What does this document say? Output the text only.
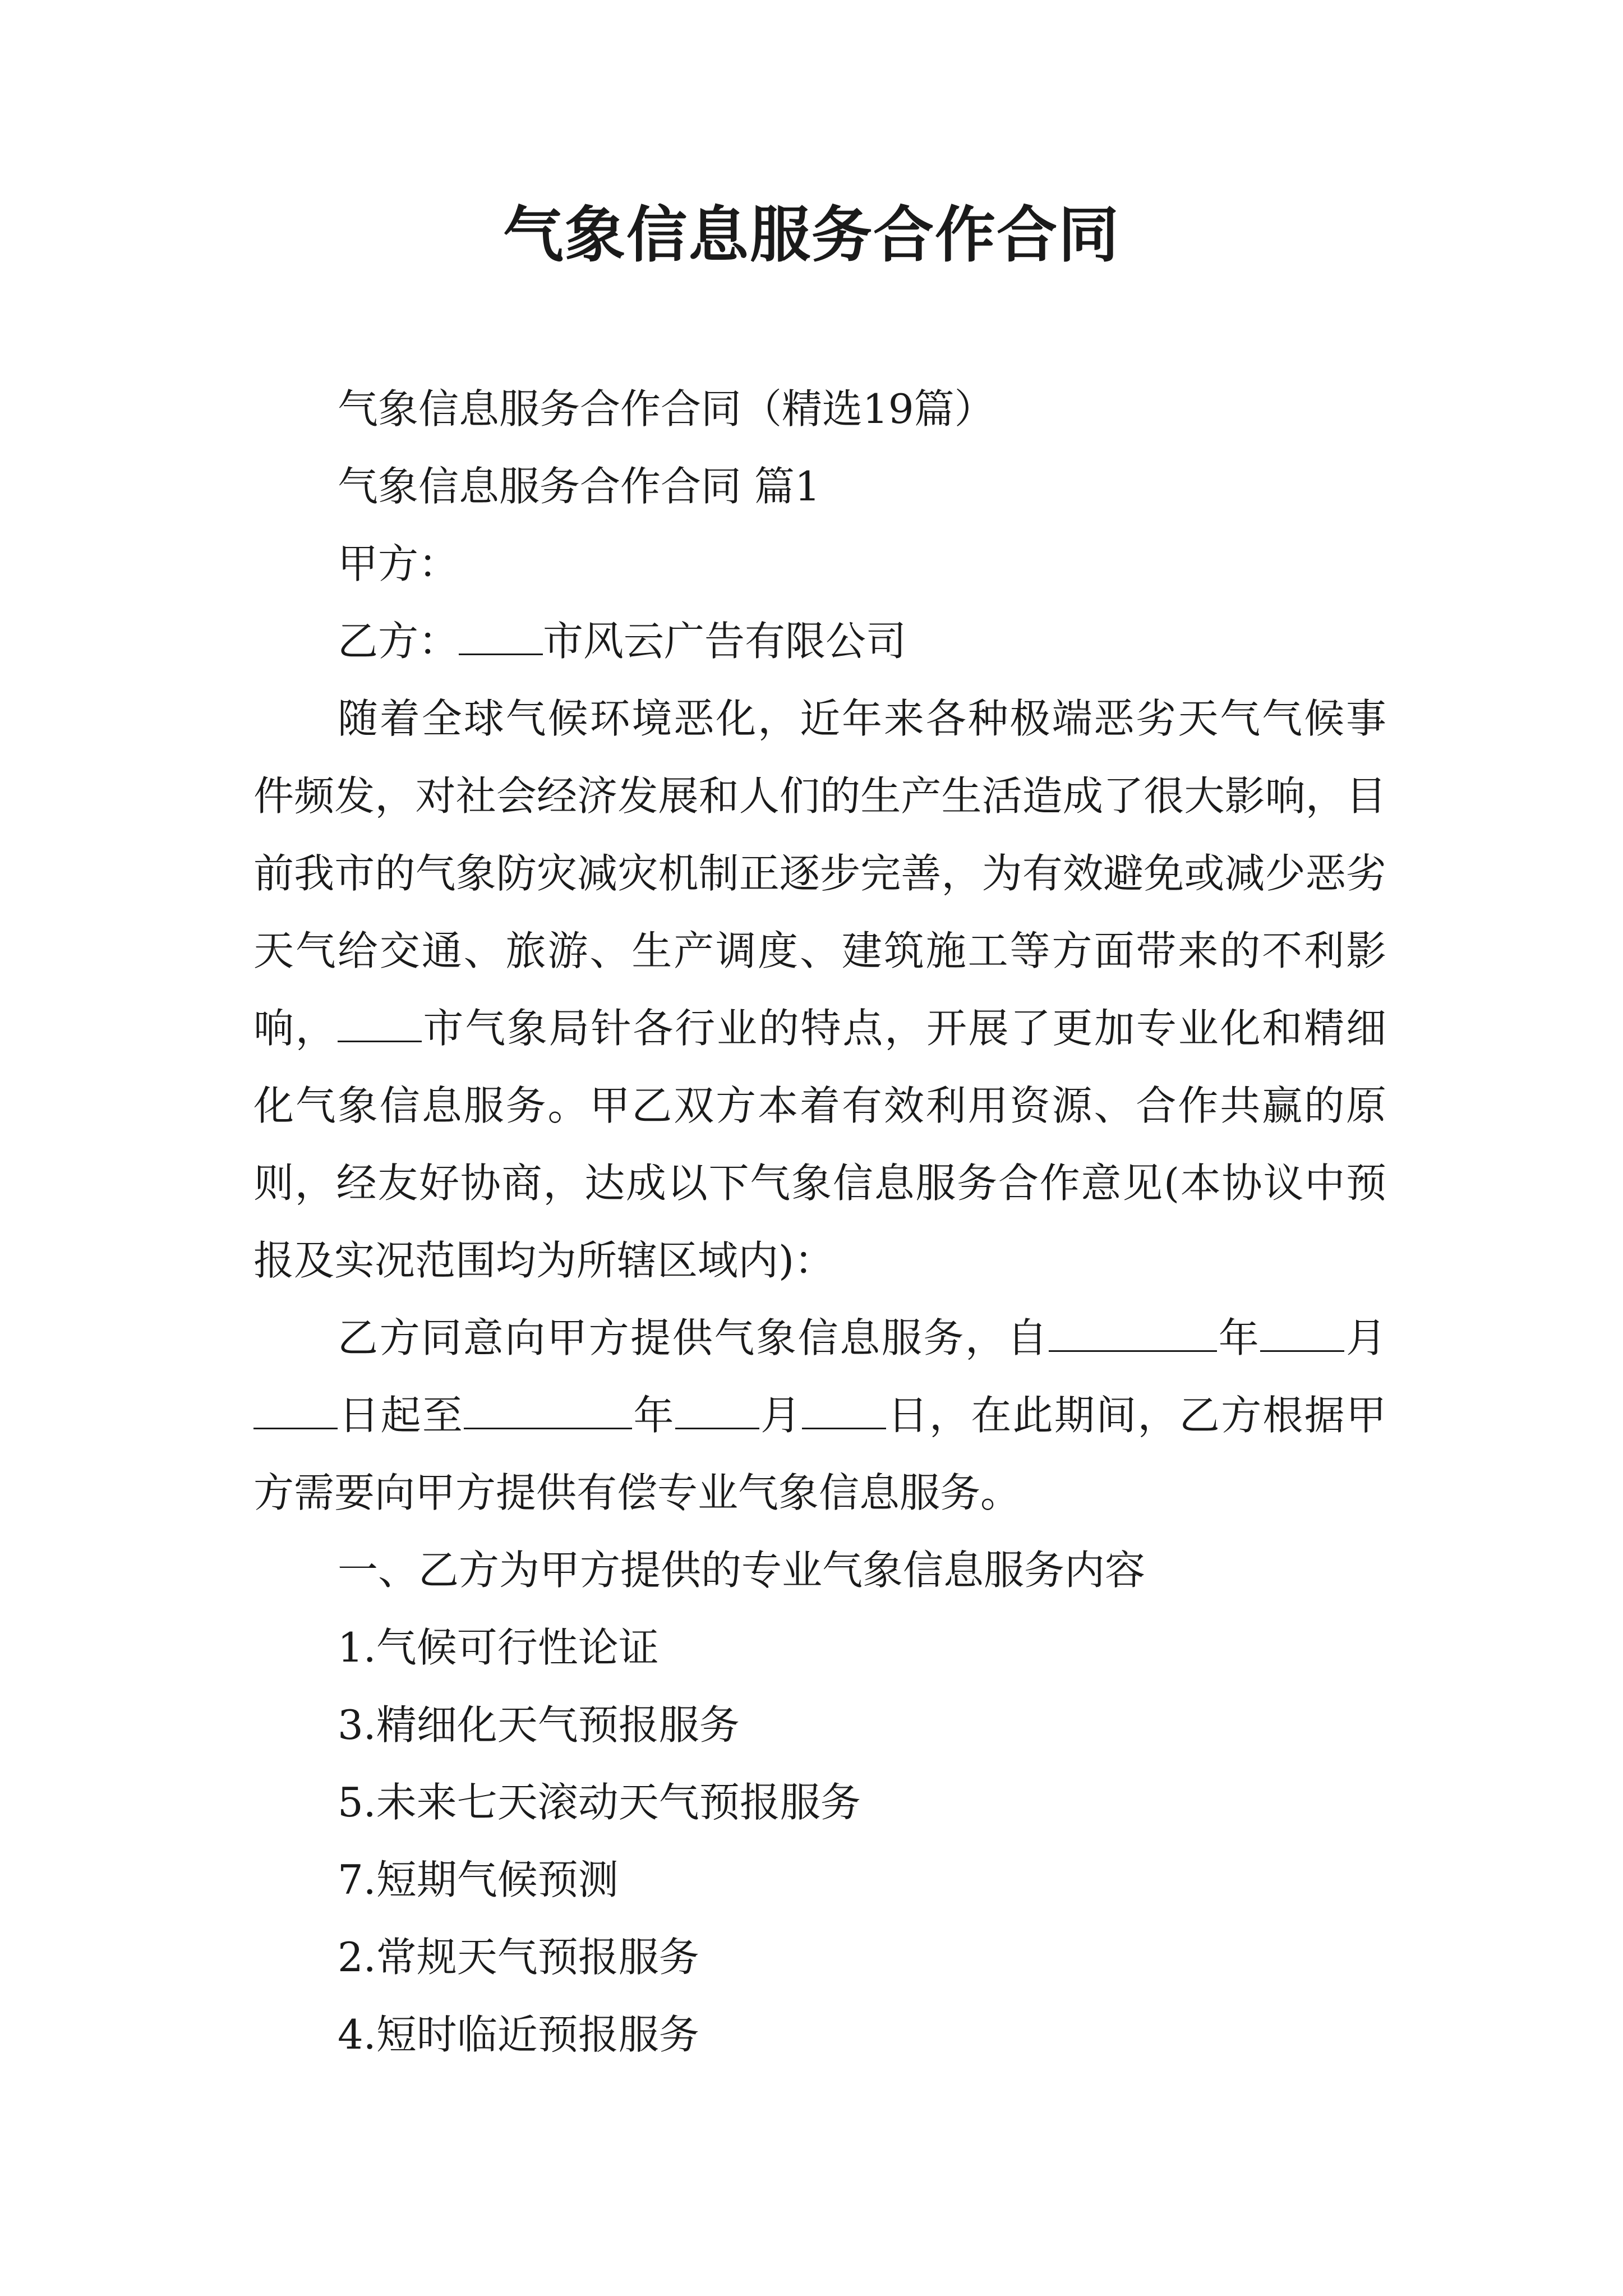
气象信息服务合作合同
气象信息服务合作合同（精选19篇）
气象信息服务合作合同 篇1
甲方：
乙方： 市风云广告有限公司
随着全球气候环境恶化，近年来各种极端恶劣天气气候事件频发，对社会经济发展和人们的生产生活造成了很大影响，目前我市的气象防灾减灾机制正逐步完善，为有效避免或减少恶劣天气给交通、旅游、生产调度、建筑施工等方面带来的不利影响， 市气象局针各行业的特点，开展了更加专业化和精细化气象信息服务。甲乙双方本着有效利用资源、合作共赢的原则，经友好协商，达成以下气象信息服务合作意见(本协议中预报及实况范围均为所辖区域内)：
乙方同意向甲方提供气象信息服务，自	年 月日起至	年 月 日，在此期间，乙方根据甲方需要向甲方提供有偿专业气象信息服务。
一、乙方为甲方提供的专业气象信息服务内容
1.气候可行性论证
3.精细化天气预报服务
5.未来七天滚动天气预报服务
7.短期气候预测
2.常规天气预报服务
4.短时临近预报服务
